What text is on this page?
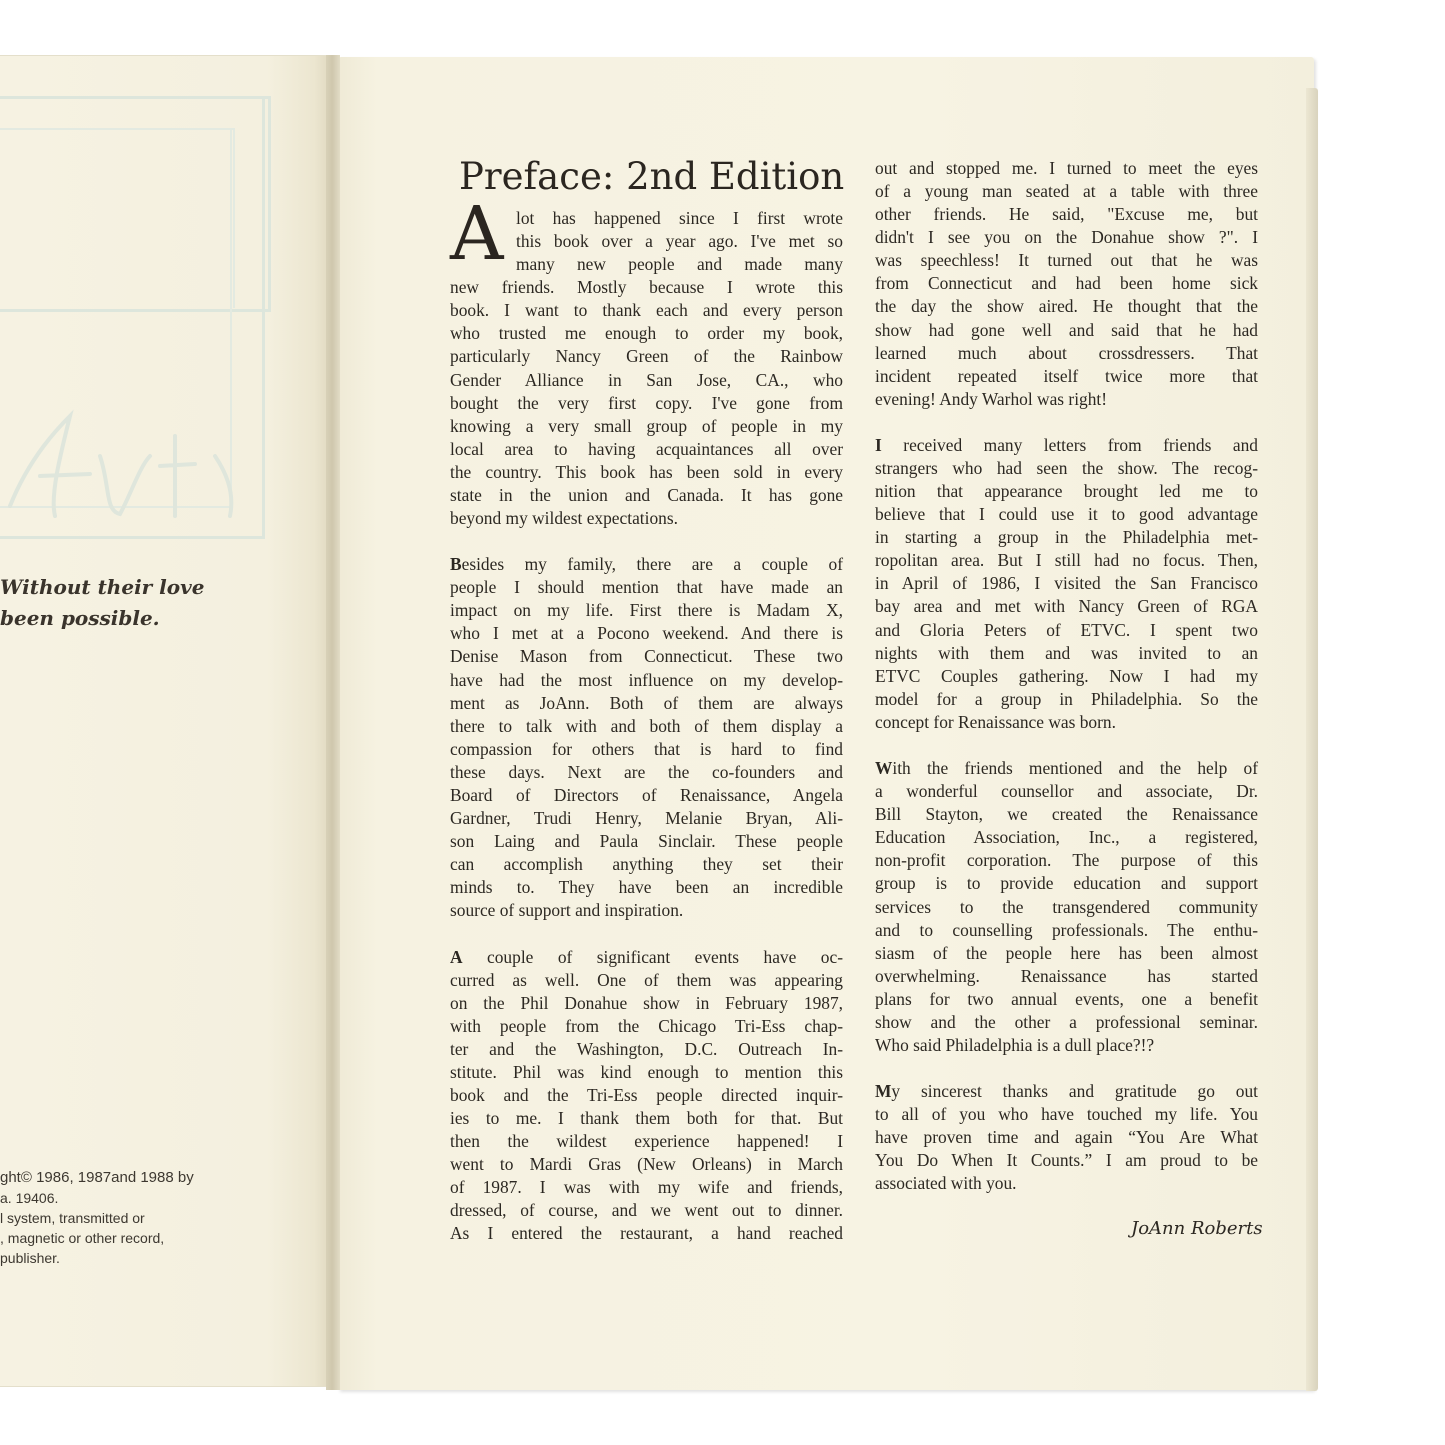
Without their love
been possible.
ght© 1986, 1987and 1988 by
a. 19406.
l system, transmitted or
, magnetic or other record,
publisher.
Preface: 2nd Edition
A lot has happened since I first wrote
this book over a year ago. I've met so
many new people and made many
new friends. Mostly because I wrote this
book. I want to thank each and every person
who trusted me enough to order my book,
particularly Nancy Green of the Rainbow
Gender Alliance in San Jose, CA., who
bought the very first copy. I've gone from
knowing a very small group of people in my
local area to having acquaintances all over
the country. This book has been sold in every
state in the union and Canada. It has gone
beyond my wildest expectations.
Besides my family, there are a couple of
people I should mention that have made an
impact on my life. First there is Madam X,
who I met at a Pocono weekend. And there is
Denise Mason from Connecticut. These two
have had the most influence on my develop-
ment as JoAnn. Both of them are always
there to talk with and both of them display a
compassion for others that is hard to find
these days. Next are the co-founders and
Board of Directors of Renaissance, Angela
Gardner, Trudi Henry, Melanie Bryan, Ali-
son Laing and Paula Sinclair. These people
can accomplish anything they set their
minds to. They have been an incredible
source of support and inspiration.
A couple of significant events have oc-
curred as well. One of them was appearing
on the Phil Donahue show in February 1987,
with people from the Chicago Tri-Ess chap-
ter and the Washington, D.C. Outreach In-
stitute. Phil was kind enough to mention this
book and the Tri-Ess people directed inquir-
ies to me. I thank them both for that. But
then the wildest experience happened! I
went to Mardi Gras (New Orleans) in March
of 1987. I was with my wife and friends,
dressed, of course, and we went out to dinner.
As I entered the restaurant, a hand reached
out and stopped me. I turned to meet the eyes
of a young man seated at a table with three
other friends. He said, "Excuse me, but
didn't I see you on the Donahue show ?". I
was speechless! It turned out that he was
from Connecticut and had been home sick
the day the show aired. He thought that the
show had gone well and said that he had
learned much about crossdressers. That
incident repeated itself twice more that
evening! Andy Warhol was right!
I received many letters from friends and
strangers who had seen the show. The recog-
nition that appearance brought led me to
believe that I could use it to good advantage
in starting a group in the Philadelphia met-
ropolitan area. But I still had no focus. Then,
in April of 1986, I visited the San Francisco
bay area and met with Nancy Green of RGA
and Gloria Peters of ETVC. I spent two
nights with them and was invited to an
ETVC Couples gathering. Now I had my
model for a group in Philadelphia. So the
concept for Renaissance was born.
With the friends mentioned and the help of
a wonderful counsellor and associate, Dr.
Bill Stayton, we created the Renaissance
Education Association, Inc., a registered,
non-profit corporation. The purpose of this
group is to provide education and support
services to the transgendered community
and to counselling professionals. The enthu-
siasm of the people here has been almost
overwhelming. Renaissance has started
plans for two annual events, one a benefit
show and the other a professional seminar.
Who said Philadelphia is a dull place?!?
My sincerest thanks and gratitude go out
to all of you who have touched my life. You
have proven time and again “You Are What
You Do When It Counts.” I am proud to be
associated with you.
JoAnn Roberts
